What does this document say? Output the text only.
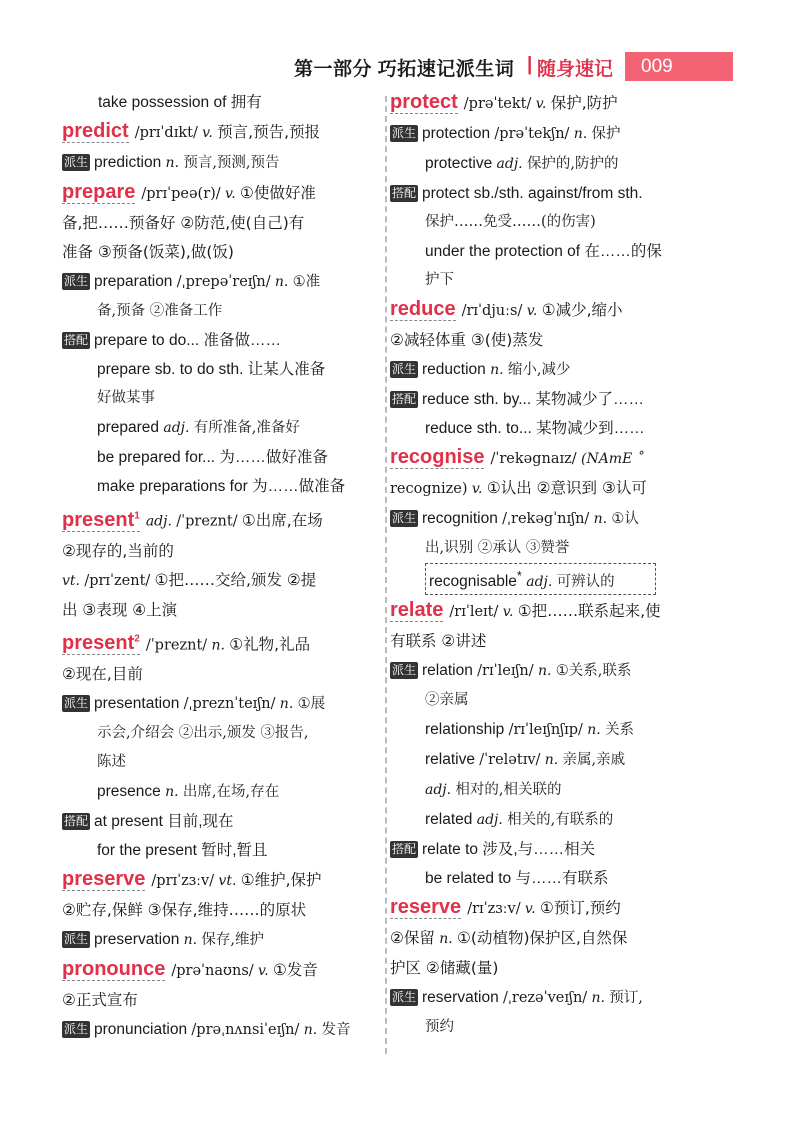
第一部分 巧拓速记派生词 | 随身速记	009
take possession of 拥有
predict /prɪˈdɪkt/ v. 预言,预告,预报
派生 prediction n. 预言,预测,预告
prepare /prɪˈpeə(r)/ v. ①使做好准
备,把……预备好 ②防范,使(自己)有
准备 ③预备(饭菜),做(饭)
派生 preparation /ˌprepəˈreɪʃn/ n. ①准
备,预备 ②准备工作
搭配 prepare to do... 准备做……
prepare sb. to do sth. 让某人准备
好做某事
prepared adj. 有所准备,准备好
be prepared for... 为……做好准备
make preparations for 为……做准备
present$^1$ adj. /ˈpreznt/ ①出席,在场
②现存的,当前的
vt. /prɪˈzent/ ①把……交给,颁发 ②提
出 ③表现 ④上演
present$^2$ /ˈpreznt/ n. ①礼物,礼品
②现在,目前
派生 presentation /ˌpreznˈteɪʃn/ n. ①展
示会,介绍会 ②出示,颁发 ③报告,
陈述
presence n. 出席,在场,存在
搭配 at present 目前,现在
for the present 暂时,暂且
preserve /prɪˈzɜːv/ vt. ①维护,保护
②贮存,保鲜 ③保存,维持……的原状
派生 preservation n. 保存,维护
pronounce /prəˈnaʊns/ v. ①发音
②正式宣布
派生 pronunciation /prəˌnʌnsiˈeɪʃn/ n. 发音
protect /prəˈtekt/ v. 保护,防护
派生 protection /prəˈtekʃn/ n. 保护
protective adj. 保护的,防护的
搭配 protect sb./sth. against/from sth.
保护……免受……(的伤害)
under the protection of 在……的保
护下
reduce /rɪˈdjuːs/ v. ①减少,缩小
②减轻体重 ③(使)蒸发
派生 reduction n. 缩小,减少
搭配 reduce sth. by... 某物减少了……
reduce sth. to... 某物减少到……
recognise /ˈrekəgnaɪz/ (NAmE ˚
recognize) v. ①认出 ②意识到 ③认可
派生 recognition /ˌrekəgˈnɪʃn/ n. ①认
出,识别 ②承认 ③赞誉
recognisable* adj. 可辨认的
relate /rɪˈleɪt/ v. ①把……联系起来,使
有联系 ②讲述
派生 relation /rɪˈleɪʃn/ n. ①关系,联系
②亲属
relationship /rɪˈleɪʃnʃɪp/ n. 关系
relative /ˈrelətɪv/ n. 亲属,亲戚
adj. 相对的,相关联的
related adj. 相关的,有联系的
搭配 relate to 涉及,与……相关
be related to 与……有联系
reserve /rɪˈzɜːv/ v. ①预订,预约
②保留 n. ①(动植物)保护区,自然保
护区 ②储藏(量)
派生 reservation /ˌrezəˈveɪʃn/ n. 预订,
预约
